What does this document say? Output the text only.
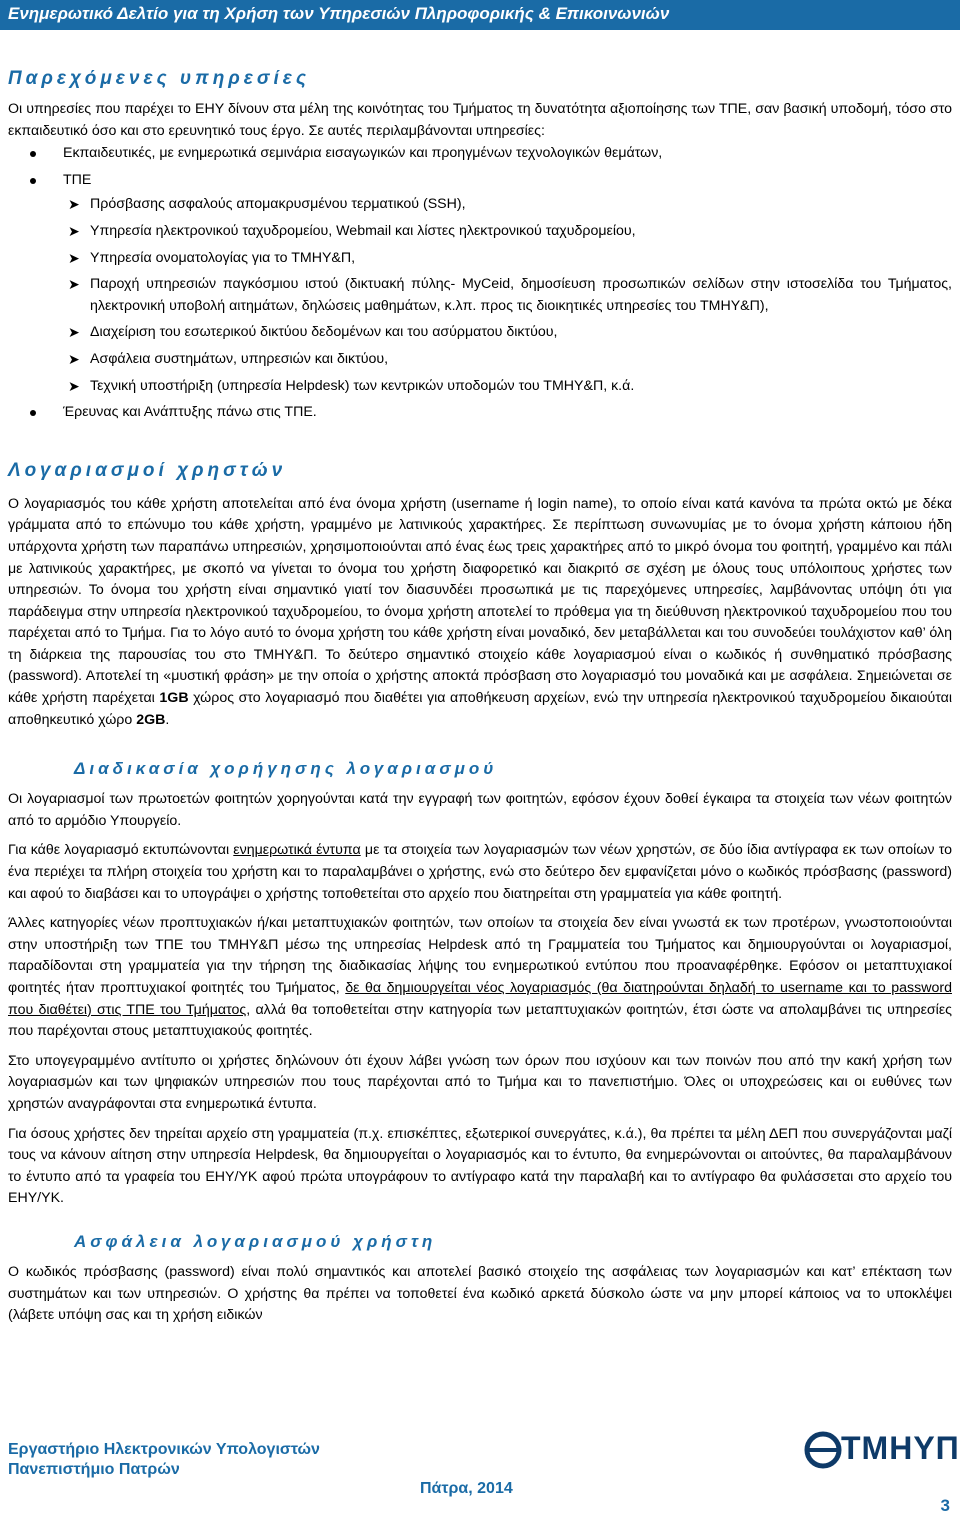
Ενημερωτικό Δελτίο για τη Χρήση των Υπηρεσιών Πληροφορικής & Επικοινωνιών
Παρεχόμενες υπηρεσίες

Οι υπηρεσίες που παρέχει το ΕΗΥ δίνουν στα μέλη της κοινότητας του Τμήματος τη δυνατότητα αξιοποίησης των ΤΠΕ, σαν βασική υποδομή, τόσο στο εκπαιδευτικό όσο και στο ερευνητικό τους έργο. Σε αυτές περιλαμβάνονται υπηρεσίες:

Εκπαιδευτικές, με ενημερωτικά σεμινάρια εισαγωγικών και προηγμένων τεχνολογικών θεμάτων,
ΤΠΕ
➤ Πρόσβασης ασφαλούς απομακρυσμένου τερματικού (SSH),
➤ Υπηρεσία ηλεκτρονικού ταχυδρομείου, Webmail και λίστες ηλεκτρονικού ταχυδρομείου,
➤ Υπηρεσία ονοματολογίας για το ΤΜΗΥ&Π,
➤ Παροχή υπηρεσιών παγκόσμιου ιστού (δικτυακή πύλης- MyCeid, δημοσίευση προσωπικών σελίδων στην ιστοσελίδα του Τμήματος, ηλεκτρονική υποβολή αιτημάτων, δηλώσεις μαθημάτων, κ.λπ. προς τις διοικητικές υπηρεσίες του ΤΜΗΥ&Π),
➤ Διαχείριση του εσωτερικού δικτύου δεδομένων και του ασύρματου δικτύου,
➤ Ασφάλεια συστημάτων, υπηρεσιών και δικτύου,
➤ Τεχνική υποστήριξη (υπηρεσία Helpdesk) των κεντρικών υποδομών του ΤΜΗΥ&Π, κ.ά.
Έρευνας και Ανάπτυξης πάνω στις ΤΠΕ.
Λογαριασμοί χρηστών

Ο λογαριασμός του κάθε χρήστη αποτελείται από ένα όνομα χρήστη (username ή login name), το οποίο είναι κατά κανόνα τα πρώτα οκτώ με δέκα γράμματα από το επώνυμο του κάθε χρήστη, γραμμένο με λατινικούς χαρακτήρες. Σε περίπτωση συνωνυμίας με το όνομα χρήστη κάποιου ήδη υπάρχοντα χρήστη των παραπάνω υπηρεσιών, χρησιμοποιούνται από ένας έως τρεις χαρακτήρες από το μικρό όνομα του φοιτητή, γραμμένο και πάλι με λατινικούς χαρακτήρες, με σκοπό να γίνεται το όνομα του χρήστη διαφορετικό και διακριτό σε σχέση με όλους τους υπόλοιπους χρήστες των υπηρεσιών. Το όνομα του χρήστη είναι σημαντικό γιατί τον διασυνδέει προσωπικά με τις παρεχόμενες υπηρεσίες, λαμβάνοντας υπόψη ότι για παράδειγμα στην υπηρεσία ηλεκτρονικού ταχυδρομείου, το όνομα χρήστη αποτελεί το πρόθεμα για τη διεύθυνση ηλεκτρονικού ταχυδρομείου που του παρέχεται από το Τμήμα. Για το λόγο αυτό το όνομα χρήστη του κάθε χρήστη είναι μοναδικό, δεν μεταβάλλεται και του συνοδεύει τουλάχιστον καθ’ όλη τη διάρκεια της παρουσίας του στο ΤΜΗΥ&Π. Το δεύτερο σημαντικό στοιχείο κάθε λογαριασμού είναι ο κωδικός ή συνθηματικό πρόσβασης (password). Αποτελεί τη «μυστική φράση» με την οποία ο χρήστης αποκτά πρόσβαση στο λογαριασμό του μοναδικά και με ασφάλεια. Σημειώνεται σε κάθε χρήστη παρέχεται 1GB χώρος στο λογαριασμό που διαθέτει για αποθήκευση αρχείων, ενώ την υπηρεσία ηλεκτρονικού ταχυδρομείου δικαιούται αποθηκευτικό χώρο 2GB.

Διαδικασία χορήγησης λογαριασμού

Οι λογαριασμοί των πρωτοετών φοιτητών χορηγούνται κατά την εγγραφή των φοιτητών, εφόσον έχουν δοθεί έγκαιρα τα στοιχεία των νέων φοιτητών από το αρμόδιο Υπουργείο.

Για κάθε λογαριασμό εκτυπώνονται ενημερωτικά έντυπα με τα στοιχεία των λογαριασμών των νέων χρηστών, σε δύο ίδια αντίγραφα εκ των οποίων το ένα περιέχει τα πλήρη στοιχεία του χρήστη και το παραλαμβάνει ο χρήστης, ενώ στο δεύτερο δεν εμφανίζεται μόνο ο κωδικός πρόσβασης (password) και αφού το διαβάσει και το υπογράψει ο χρήστης τοποθετείται στο αρχείο που διατηρείται στη γραμματεία για κάθε φοιτητή.

Άλλες κατηγορίες νέων προπτυχιακών ή/και μεταπτυχιακών φοιτητών, των οποίων τα στοιχεία δεν είναι γνωστά εκ των προτέρων, γνωστοποιούνται στην υποστήριξη των ΤΠΕ του ΤΜΗΥ&Π μέσω της υπηρεσίας Helpdesk από τη Γραμματεία του Τμήματος και δημιουργούνται οι λογαριασμοί, παραδίδονται στη γραμματεία για την τήρηση της διαδικασίας λήψης του ενημερωτικού εντύπου που προαναφέρθηκε. Εφόσον οι μεταπτυχιακοί φοιτητές ήταν προπτυχιακοί φοιτητές του Τμήματος, δε θα δημιουργείται νέος λογαριασμός (θα διατηρούνται δηλαδή το username και το password που διαθέτει) στις ΤΠΕ του Τμήματος, αλλά θα τοποθετείται στην κατηγορία των μεταπτυχιακών φοιτητών, έτσι ώστε να απολαμβάνει τις υπηρεσίες που παρέχονται στους μεταπτυχιακούς φοιτητές.

Στο υπογεγραμμένο αντίτυπο οι χρήστες δηλώνουν ότι έχουν λάβει γνώση των όρων που ισχύουν και των ποινών που από την κακή χρήση των λογαριασμών και των ψηφιακών υπηρεσιών που τους παρέχονται από το Τμήμα και το πανεπιστήμιο. Όλες οι υποχρεώσεις και οι ευθύνες των χρηστών αναγράφονται στα ενημερωτικά έντυπα.

Για όσους χρήστες δεν τηρείται αρχείο στη γραμματεία (π.χ. επισκέπτες, εξωτερικοί συνεργάτες, κ.ά.), θα πρέπει τα μέλη ΔΕΠ που συνεργάζονται μαζί τους να κάνουν αίτηση στην υπηρεσία Helpdesk, θα δημιουργείται ο λογαριασμός και το έντυπο, θα ενημερώνονται οι αιτούντες, θα παραλαμβάνουν το έντυπο από τα γραφεία του ΕΗΥ/ΥΚ αφού πρώτα υπογράφουν το αντίγραφο κατά την παραλαβή και το αντίγραφο θα φυλάσσεται στο αρχείο του ΕΗΥ/ΥΚ.

Ασφάλεια λογαριασμού χρήστη

Ο κωδικός πρόσβασης (password) είναι πολύ σημαντικός και αποτελεί βασικό στοιχείο της ασφάλειας των λογαριασμών και κατ’ επέκταση των συστημάτων και των υπηρεσιών. Ο χρήστης θα πρέπει να τοποθετεί ένα κωδικό αρκετά δύσκολο ώστε να μην μπορεί κάποιος να το υποκλέψει (λάβετε υπόψη σας και τη χρήση ειδικών

Εργαστήριο Ηλεκτρονικών Υπολογιστών
Πανεπιστήμιο Πατρών
Πάτρα, 2014
3
ΤΜΗΥΠ
